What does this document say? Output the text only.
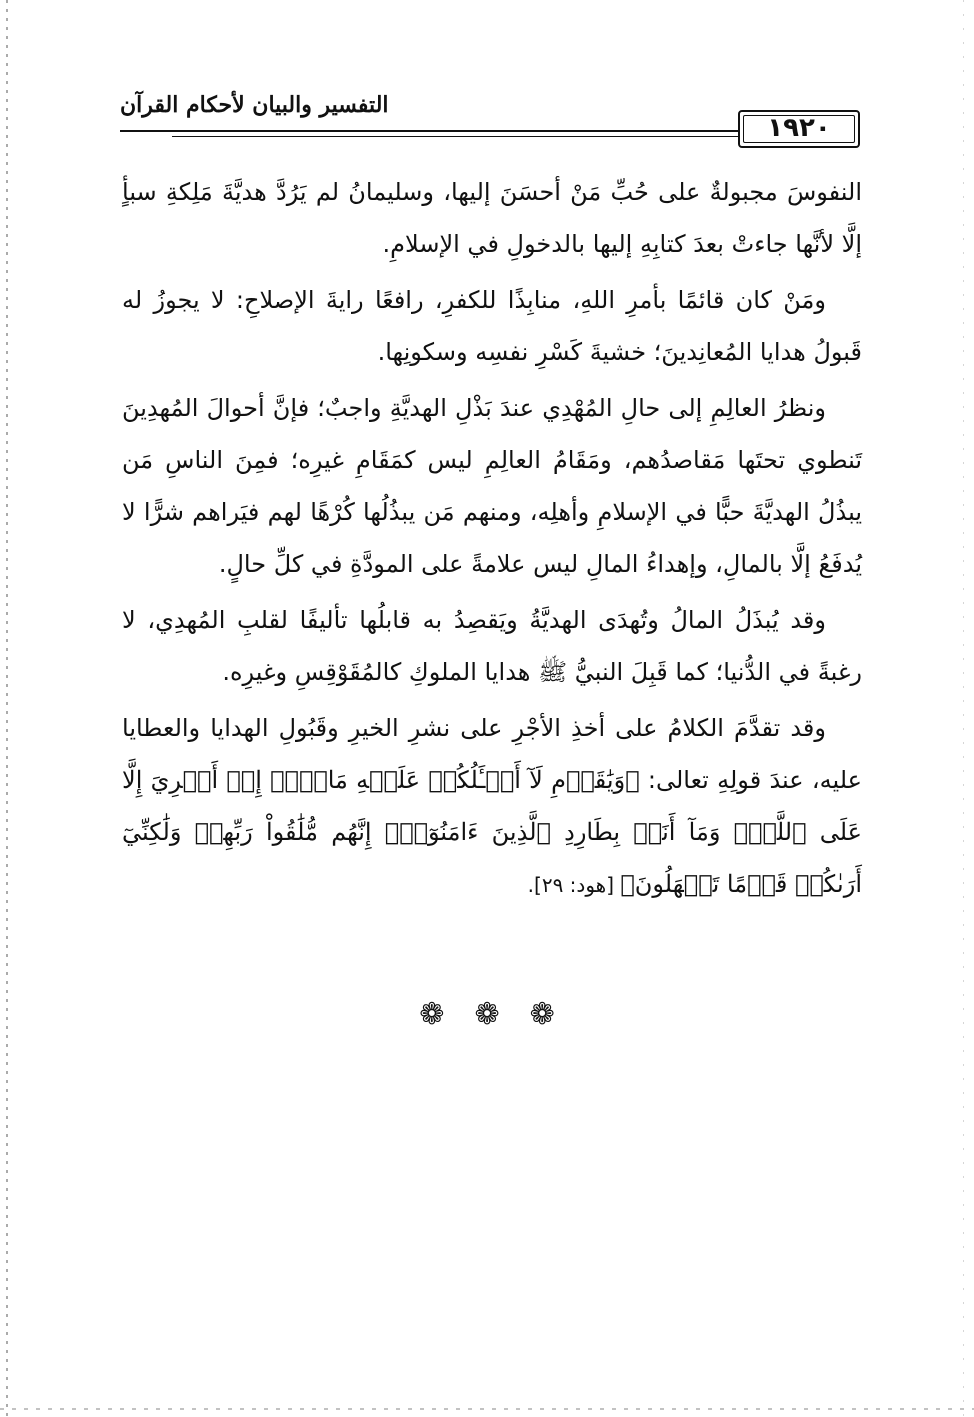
التفسير والبيان لأحكام القرآن
١٩٢٠

النفوسَ مجبولةٌ على حُبِّ مَنْ أحسَنَ إليها، وسليمانُ لم يَرُدَّ هديَّةَ مَلِكةِ سبأٍ إلَّا لأنَّها جاءتْ بعدَ كتابِهِ إليها بالدخولِ في الإسلامِ.

ومَنْ كان قائمًا بأمرِ اللهِ، منابِذًا للكفرِ، رافعًا رايةَ الإصلاحِ: لا يجوزُ له قَبولُ هدايا المُعانِدينَ؛ خشيةَ كَسْرِ نفسِه وسكونِها.

ونظرُ العالِمِ إلى حالِ المُهْدِي عندَ بَذْلِ الهديَّةِ واجبٌ؛ فإنَّ أحوالَ المُهدِينَ تَنطوي تحتَها مَقاصدُهم، ومَقَامُ العالِمِ ليس كمَقَامِ غيرِه؛ فمِنَ الناسِ مَن يبذُلُ الهديَّةَ حبًّا في الإسلامِ وأهلِه، ومنهم مَن يبذُلُها كُرْهًا لهم فيَراهم شرًّا لا يُدفَعُ إلَّا بالمالِ، وإهداءُ المالِ ليس علامةً على المودَّةِ في كلِّ حالٍ.

وقد يُبذَلُ المالُ وتُهدَى الهديَّةُ ويَقصِدُ به قابلُها تأليفًا لقلبِ المُهدِي، لا رغبةً في الدُّنيا؛ كما قَبِلَ النبيُّ ﷺ هدايا الملوكِ كالمُقَوْقِسِ وغيرِه.

وقد تقدَّمَ الكلامُ على أخذِ الأجْرِ على نشرِ الخيرِ وقَبُولِ الهدايا والعطايا عليه، عندَ قولِهِ تعالى: ﴿وَيَٰقَوۡمِ لَآ أَسۡـَٔلُكُمۡ عَلَيۡهِ مَالًاۖ إِنۡ أَجۡرِيَ إِلَّا عَلَى ٱللَّهِۚ وَمَآ أَنَا۠ بِطَارِدِ ٱلَّذِينَ ءَامَنُوٓاْۚ إِنَّهُم مُّلَٰقُواْ رَبِّهِمۡ وَلَٰكِنِّيٓ أَرَىٰكُمۡ قَوۡمًا تَجۡهَلُونَ﴾ [هود: ٢٩].

❁
❁
❁
